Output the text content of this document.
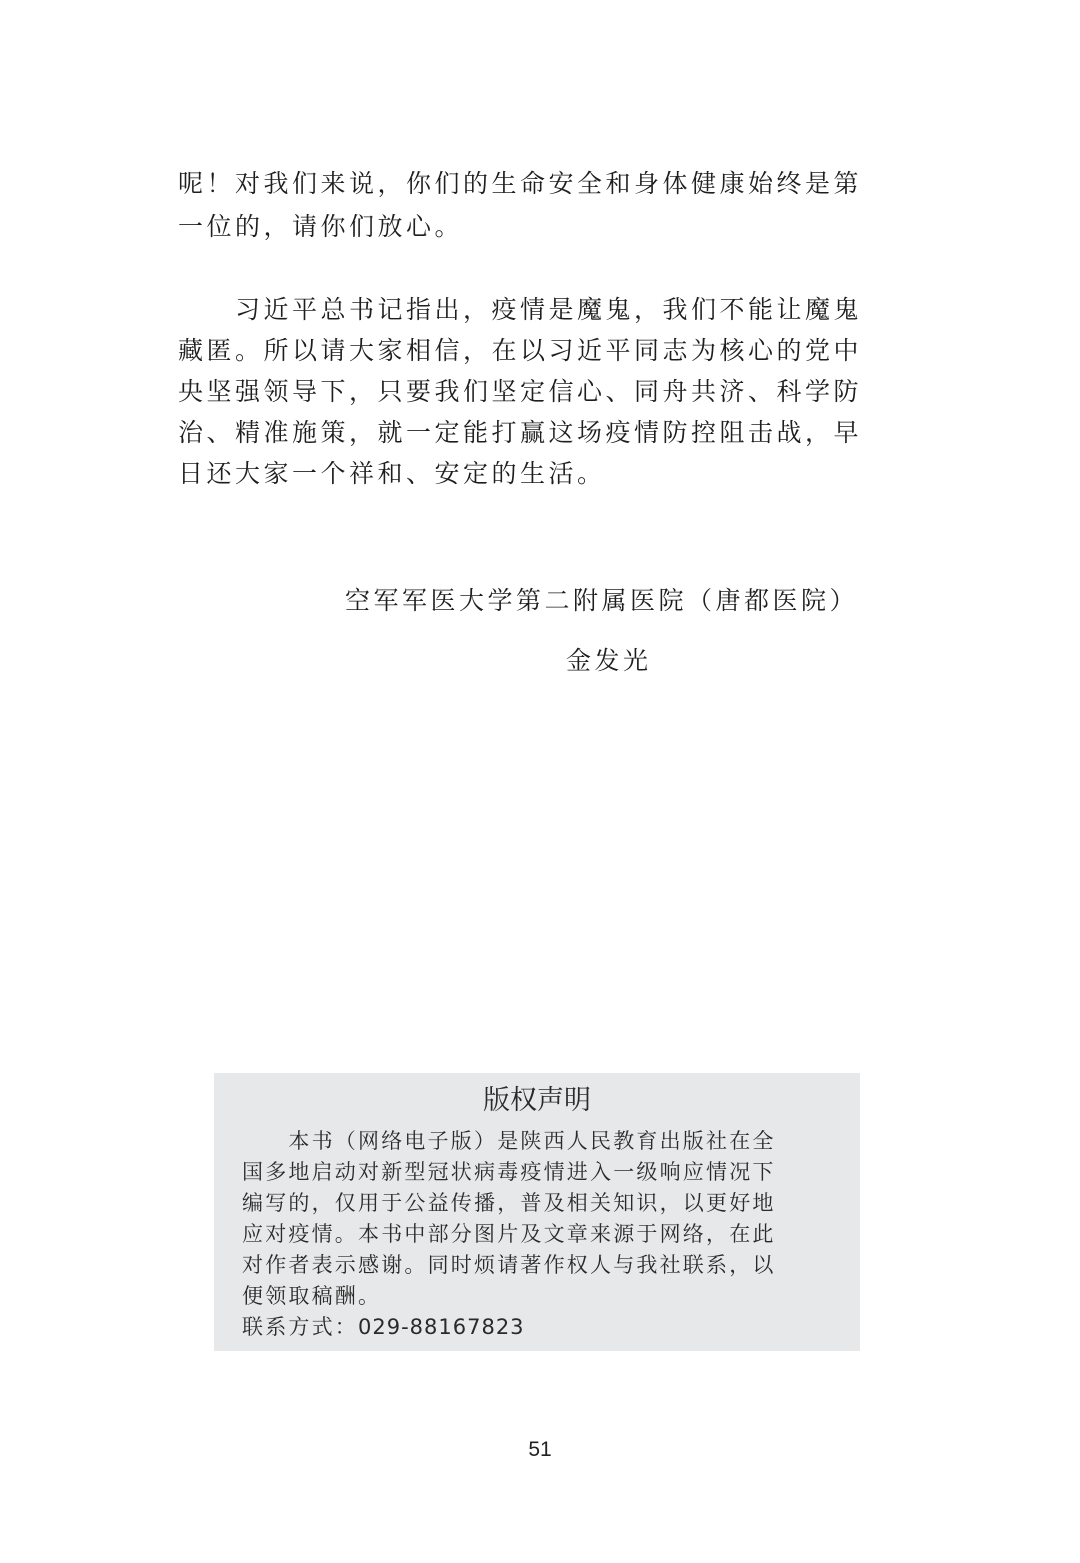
呢！对我们来说，你们的生命安全和身体健康始终是第
一位的，请你们放心。
　　习近平总书记指出，疫情是魔鬼，我们不能让魔鬼
藏匿。所以请大家相信，在以习近平同志为核心的党中
央坚强领导下，只要我们坚定信心、同舟共济、科学防
治、精准施策，就一定能打赢这场疫情防控阻击战，早
日还大家一个祥和、安定的生活。
空军军医大学第二附属医院（唐都医院）
金发光
版权声明
　　本书（网络电子版）是陕西人民教育出版社在全
国多地启动对新型冠状病毒疫情进入一级响应情况下
编写的，仅用于公益传播，普及相关知识，以更好地
应对疫情。本书中部分图片及文章来源于网络，在此
对作者表示感谢。同时烦请著作权人与我社联系，以
便领取稿酬。
联系方式：029-88167823
51
